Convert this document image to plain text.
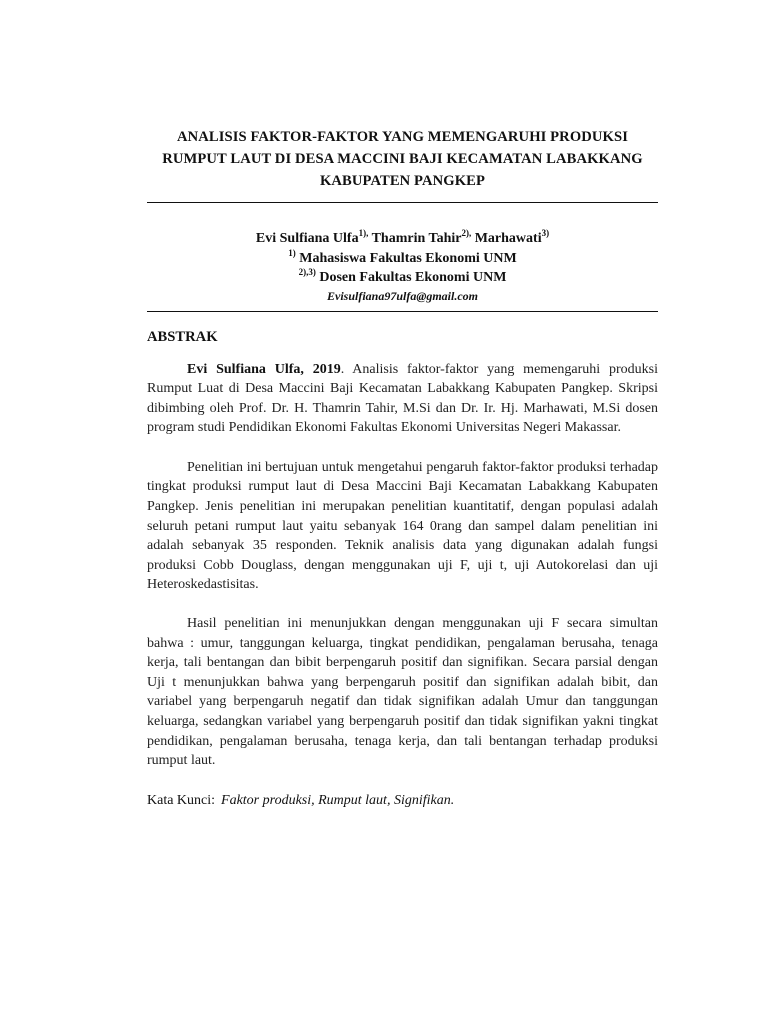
ANALISIS FAKTOR-FAKTOR YANG MEMENGARUHI PRODUKSI

RUMPUT LAUT DI DESA MACCINI BAJI KECAMATAN LABAKKANG

KABUPATEN PANGKEP

Evi Sulfiana Ulfa$^{1),}$ Thamrin Tahir$^{2),}$ Marhawati$^{3)}$
$^{1)}$ Mahasiswa Fakultas Ekonomi UNM
$^{2),3)}$ Dosen Fakultas Ekonomi UNM
Evisulfiana97ulfa@gmail.com
ABSTRAK

Evi Sulfiana Ulfa, 2019. Analisis faktor-faktor yang memengaruhi produksi Rumput Luat di Desa Maccini Baji Kecamatan Labakkang Kabupaten Pangkep. Skripsi dibimbing oleh Prof. Dr. H. Thamrin Tahir, M.Si dan Dr. Ir. Hj. Marhawati, M.Si dosen program studi Pendidikan Ekonomi Fakultas Ekonomi Universitas Negeri Makassar.

Penelitian ini bertujuan untuk mengetahui pengaruh faktor-faktor produksi terhadap tingkat produksi rumput laut di Desa Maccini Baji Kecamatan Labakkang Kabupaten Pangkep. Jenis penelitian ini merupakan penelitian kuantitatif, dengan populasi adalah seluruh petani rumput laut yaitu sebanyak 164 0rang dan sampel dalam penelitian ini adalah sebanyak 35 responden. Teknik analisis data yang digunakan adalah fungsi produksi Cobb Douglass, dengan menggunakan uji F, uji t, uji Autokorelasi dan uji Heteroskedastisitas.

Hasil penelitian ini menunjukkan dengan menggunakan uji F secara simultan bahwa : umur, tanggungan keluarga, tingkat pendidikan, pengalaman berusaha, tenaga kerja, tali bentangan dan bibit berpengaruh positif dan signifikan. Secara parsial dengan Uji t menunjukkan bahwa yang berpengaruh positif dan signifikan adalah bibit, dan variabel yang berpengaruh negatif dan tidak signifikan adalah Umur dan tanggungan keluarga, sedangkan variabel yang berpengaruh positif dan tidak signifikan yakni tingkat pendidikan, pengalaman berusaha, tenaga kerja, dan tali bentangan terhadap produksi rumput laut.

Kata Kunci: Faktor produksi, Rumput laut, Signifikan.
